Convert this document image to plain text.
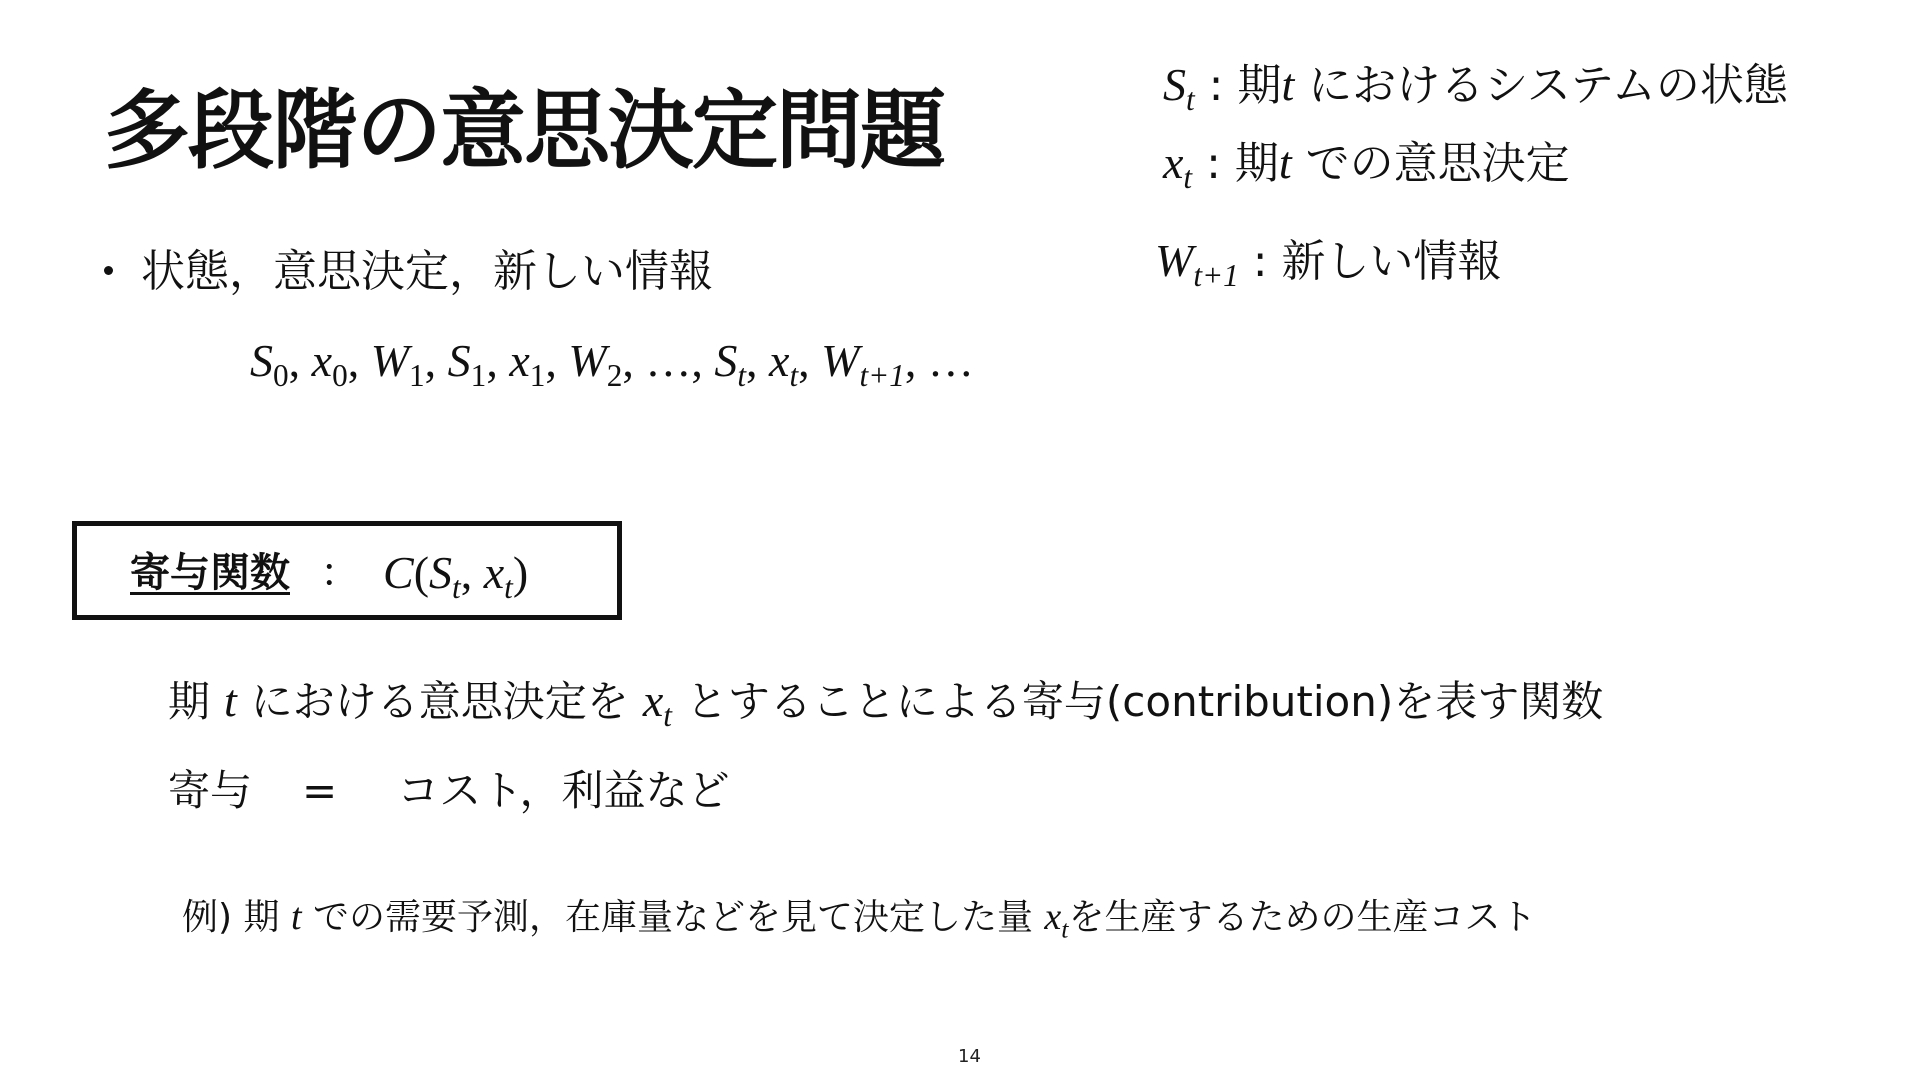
多段階の意思決定問題	$S_t$ : 期t におけるシステムの状態
$x_t$ : 期t での意思決定
$W_{t+1}$ : 新しい情報
状態，意思決定，新しい情報
$S_0$, $x_0$, $W_1$, $S_1$, $x_1$, $W_2$, …, $S_t$, $x_t$, $W_{t+1}$, …
寄与関数 ： $C(S_t$, $x_t$)
期 t における意思決定を $x_t$ とすることによる寄与(contribution)を表す関数
寄与 = コスト，利益など
例) 期 t での需要予測，在庫量などを見て決定した量 $x_t$を生産するための生産コスト
14
